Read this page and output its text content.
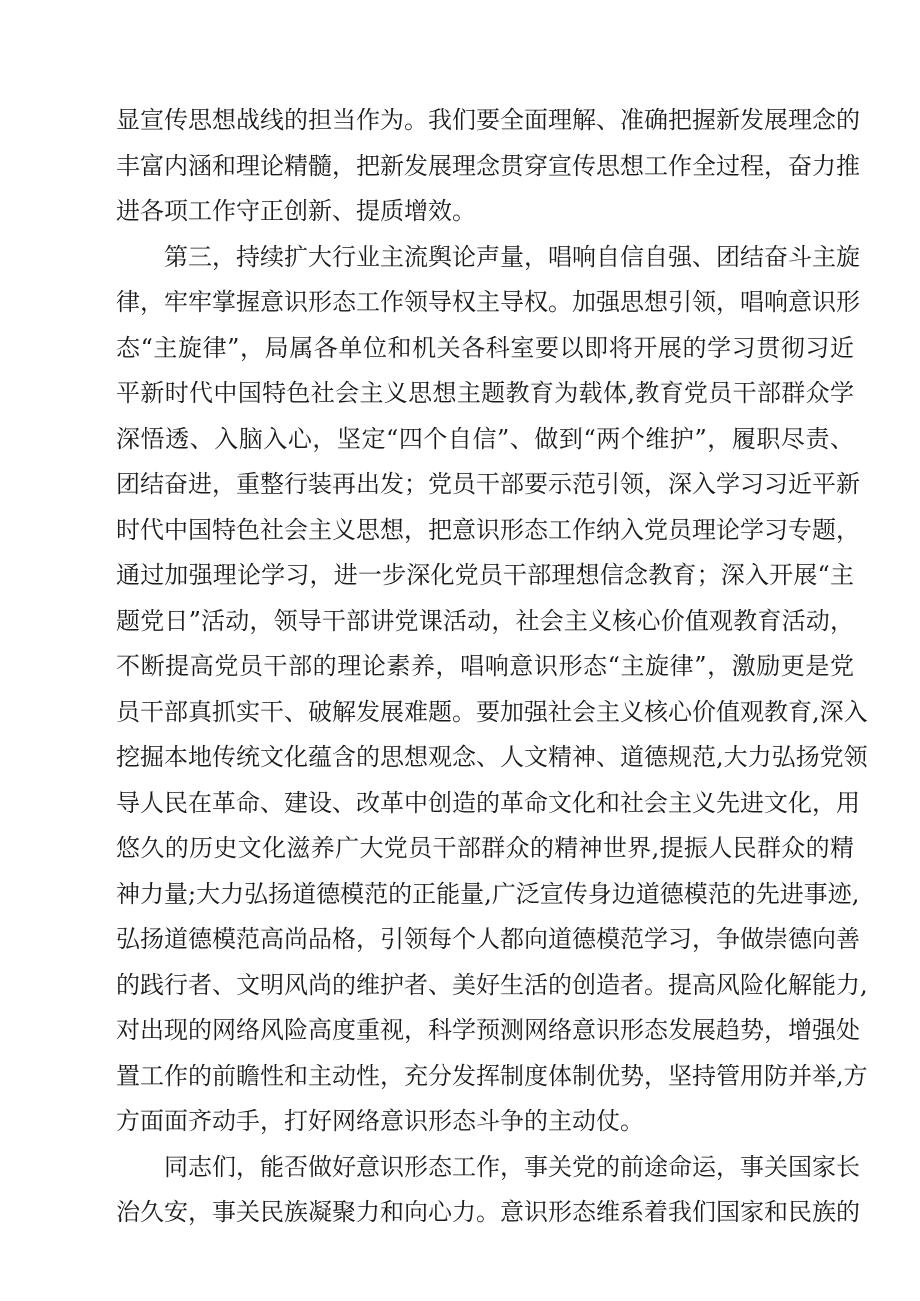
显宣传思想战线的担当作为。我们要全面理解、准确把握新发展理念的
丰富内涵和理论精髓，把新发展理念贯穿宣传思想工作全过程，奋力推
进各项工作守正创新、提质增效。
第三，持续扩大行业主流舆论声量，唱响自信自强、团结奋斗主旋
律，牢牢掌握意识形态工作领导权主导权。加强思想引领，唱响意识形
态“主旋律”，局属各单位和机关各科室要以即将开展的学习贯彻习近
平新时代中国特色社会主义思想主题教育为载体,教育党员干部群众学
深悟透、入脑入心，坚定“四个自信”、做到“两个维护”，履职尽责、
团结奋进，重整行装再出发；党员干部要示范引领，深入学习习近平新
时代中国特色社会主义思想，把意识形态工作纳入党员理论学习专题，
通过加强理论学习，进一步深化党员干部理想信念教育；深入开展“主
题党日”活动，领导干部讲党课活动，社会主义核心价值观教育活动，
不断提高党员干部的理论素养，唱响意识形态“主旋律”，激励更是党
员干部真抓实干、破解发展难题。要加强社会主义核心价值观教育,深入
挖掘本地传统文化蕴含的思想观念、人文精神、道德规范,大力弘扬党领
导人民在革命、建设、改革中创造的革命文化和社会主义先进文化，用
悠久的历史文化滋养广大党员干部群众的精神世界,提振人民群众的精
神力量;大力弘扬道德模范的正能量,广泛宣传身边道德模范的先进事迹,
弘扬道德模范高尚品格，引领每个人都向道德模范学习，争做崇德向善
的践行者、文明风尚的维护者、美好生活的创造者。提高风险化解能力,
对出现的网络风险高度重视，科学预测网络意识形态发展趋势，增强处
置工作的前瞻性和主动性，充分发挥制度体制优势，坚持管用防并举,方
方面面齐动手，打好网络意识形态斗争的主动仗。
同志们，能否做好意识形态工作，事关党的前途命运，事关国家长
治久安，事关民族凝聚力和向心力。意识形态维系着我们国家和民族的
